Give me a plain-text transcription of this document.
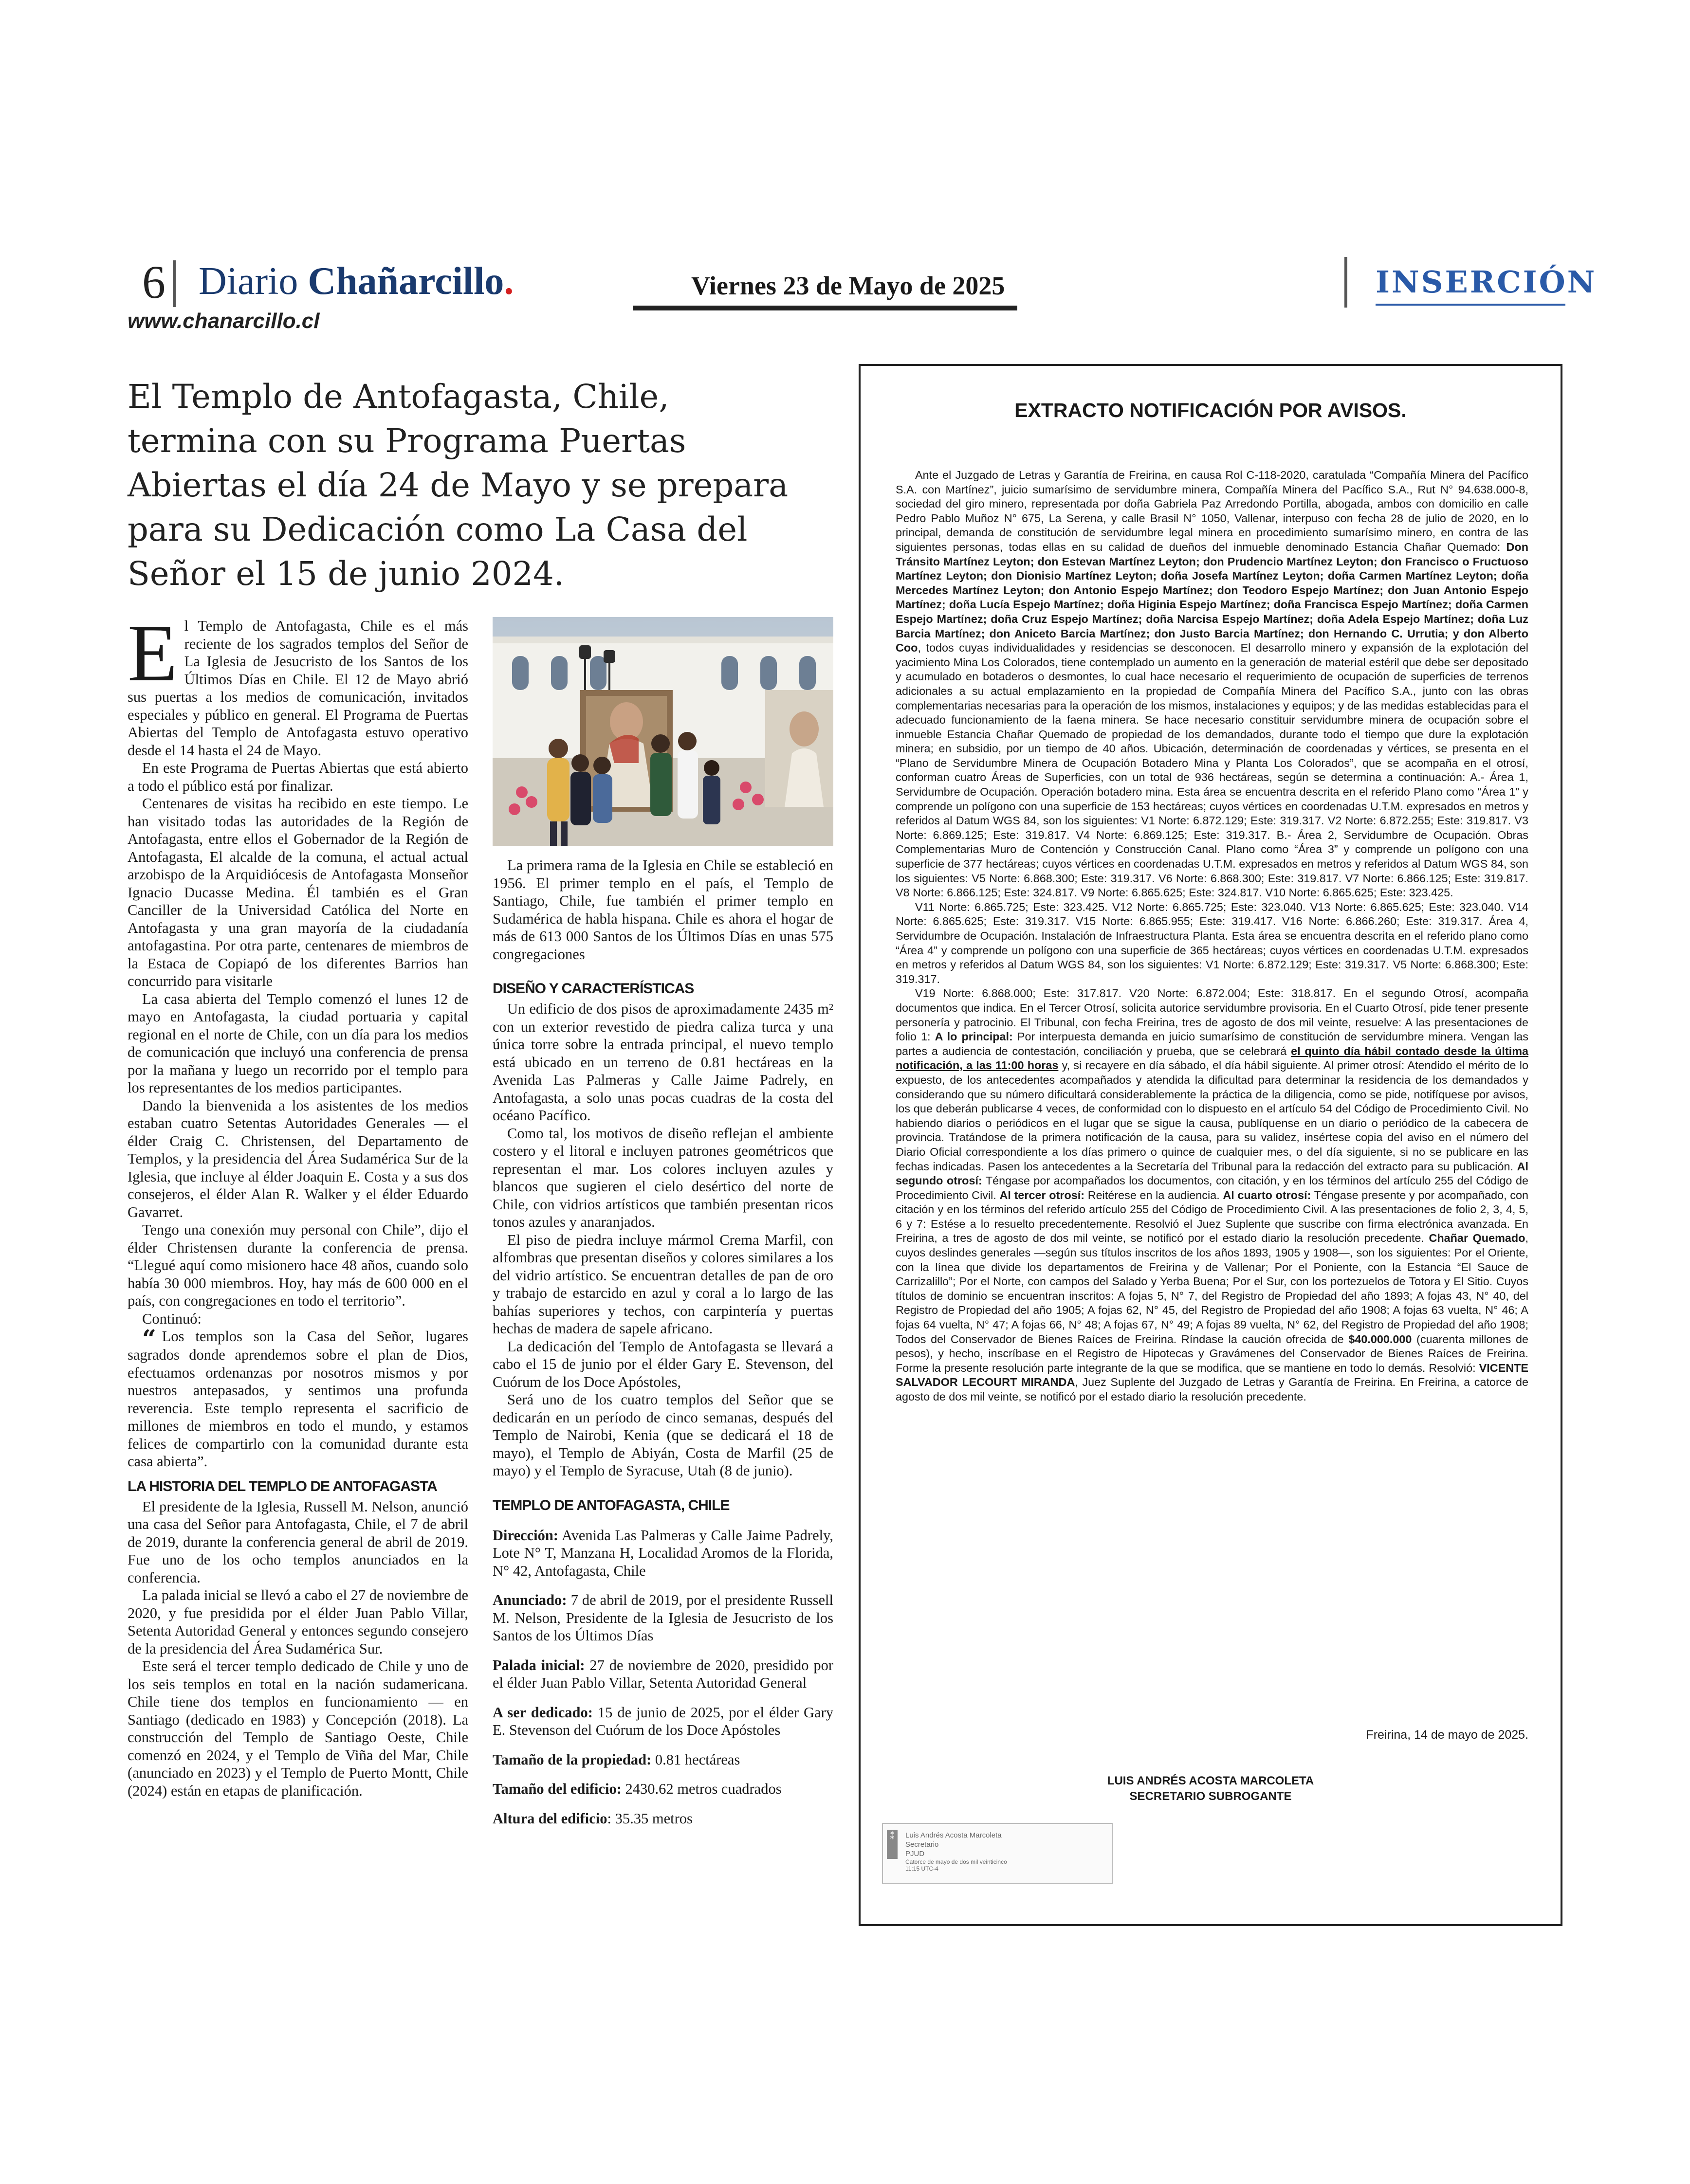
6 Diario Chañarcillo.	Viernes 23 de Mayo de 2025	INSERCIÓN
www.chanarcillo.cl
El Templo de Antofagasta, Chile,
termina con su Programa Puertas
Abiertas el día 24 de Mayo y se prepara
para su Dedicación como La Casa del
Señor el 15 de junio 2024.

El Templo de Antofagasta, Chile es el más reciente de los sagrados templos del Señor de La Iglesia de Jesucristo de los Santos de los Últimos Días en Chile. El 12 de Mayo abrió sus puertas a los medios de comunicación, invitados especiales y público en general. El Programa de Puertas Abiertas del Templo de Antofagasta estuvo operativo desde el 14 hasta el 24 de Mayo.

En este Programa de Puertas Abiertas que está abierto a todo el público está por finalizar.

Centenares de visitas ha recibido en este tiempo. Le han visitado todas las autoridades de la Región de Antofagasta, entre ellos el Gobernador de la Región de Antofagasta, El alcalde de la comuna, el actual actual arzobispo de la Arquidiócesis de Antofagasta Monseñor Ignacio Ducasse Medina. Él también es el Gran Canciller de la Universidad Católica del Norte en Antofagasta y una gran mayoría de la ciudadanía antofagastina. Por otra parte, centenares de miembros de la Estaca de Copiapó de los diferentes Barrios han concurrido para visitarle

La casa abierta del Templo comenzó el lunes 12 de mayo en Antofagasta, la ciudad portuaria y capital regional en el norte de Chile, con un día para los medios de comunicación que incluyó una conferencia de prensa por la mañana y luego un recorrido por el templo para los representantes de los medios participantes.

Dando la bienvenida a los asistentes de los medios estaban cuatro Setentas Autoridades Generales — el élder Craig C. Christensen, del Departamento de Templos, y la presidencia del Área Sudamérica Sur de la Iglesia, que incluye al élder Joaquin E. Costa y a sus dos consejeros, el élder Alan R. Walker y el élder Eduardo Gavarret.

Tengo una conexión muy personal con Chile”, dijo el élder Christensen durante la conferencia de prensa. “Llegué aquí como misionero hace 48 años, cuando solo había 30 000 miembros. Hoy, hay más de 600 000 en el país, con congregaciones en todo el territorio”.

Continuó:

“ Los templos son la Casa del Señor, lugares sagrados donde aprendemos sobre el plan de Dios, efectuamos ordenanzas por nosotros mismos y por nuestros antepasados, y sentimos una profunda reverencia. Este templo representa el sacrificio de millones de miembros en todo el mundo, y estamos felices de compartirlo con la comunidad durante esta casa abierta”.

LA HISTORIA DEL TEMPLO DE ANTOFAGASTA

El presidente de la Iglesia, Russell M. Nelson, anunció una casa del Señor para Antofagasta, Chile, el 7 de abril de 2019, durante la conferencia general de abril de 2019. Fue uno de los ocho templos anunciados en la conferencia.

La palada inicial se llevó a cabo el 27 de noviembre de 2020, y fue presidida por el élder Juan Pablo Villar, Setenta Autoridad General y entonces segundo consejero de la presidencia del Área Sudamérica Sur.

Este será el tercer templo dedicado de Chile y uno de los seis templos en total en la nación sudamericana. Chile tiene dos templos en funcionamiento — en Santiago (dedicado en 1983) y Concepción (2018). La construcción del Templo de Santiago Oeste, Chile comenzó en 2024, y el Templo de Viña del Mar, Chile (anunciado en 2023) y el Templo de Puerto Montt, Chile (2024) están en etapas de planificación.

La primera rama de la Iglesia en Chile se estableció en 1956. El primer templo en el país, el Templo de Santiago, Chile, fue también el primer templo en Sudamérica de habla hispana. Chile es ahora el hogar de más de 613 000 Santos de los Últimos Días en unas 575 congregaciones

DISEÑO Y CARACTERÍSTICAS

Un edificio de dos pisos de aproximadamente 2435 m² con un exterior revestido de piedra caliza turca y una única torre sobre la entrada principal, el nuevo templo está ubicado en un terreno de 0.81 hectáreas en la Avenida Las Palmeras y Calle Jaime Padrely, en Antofagasta, a solo unas pocas cuadras de la costa del océano Pacífico.

Como tal, los motivos de diseño reflejan el ambiente costero y el litoral e incluyen patrones geométricos que representan el mar. Los colores incluyen azules y blancos que sugieren el cielo desértico del norte de Chile, con vidrios artísticos que también presentan ricos tonos azules y anaranjados.

El piso de piedra incluye mármol Crema Marfil, con alfombras que presentan diseños y colores similares a los del vidrio artístico. Se encuentran detalles de pan de oro y trabajo de estarcido en azul y coral a lo largo de las bahías superiores y techos, con carpintería y puertas hechas de madera de sapele africano.

La dedicación del Templo de Antofagasta se llevará a cabo el 15 de junio por el élder Gary E. Stevenson, del Cuórum de los Doce Apóstoles,

Será uno de los cuatro templos del Señor que se dedicarán en un período de cinco semanas, después del Templo de Nairobi, Kenia (que se dedicará el 18 de mayo), el Templo de Abiyán, Costa de Marfil (25 de mayo) y el Templo de Syracuse, Utah (8 de junio).

TEMPLO DE ANTOFAGASTA, CHILE

Dirección: Avenida Las Palmeras y Calle Jaime Padrely, Lote N° T, Manzana H, Localidad Aromos de la Florida, N° 42, Antofagasta, Chile

Anunciado: 7 de abril de 2019, por el presidente Russell M. Nelson, Presidente de la Iglesia de Jesucristo de los Santos de los Últimos Días

Palada inicial: 27 de noviembre de 2020, presidido por el élder Juan Pablo Villar, Setenta Autoridad General

A ser dedicado: 15 de junio de 2025, por el élder Gary E. Stevenson del Cuórum de los Doce Apóstoles

Tamaño de la propiedad: 0.81 hectáreas

Tamaño del edificio: 2430.62 metros cuadrados

Altura del edificio: 35.35 metros

EXTRACTO NOTIFICACIÓN POR AVISOS.

Ante el Juzgado de Letras y Garantía de Freirina, en causa Rol C-118-2020, caratulada “Compañía Minera del Pacífico S.A. con Martínez”, juicio sumarísimo de servidumbre minera, Compañía Minera del Pacífico S.A., Rut N° 94.638.000-8, sociedad del giro minero, representada por doña Gabriela Paz Arredondo Portilla, abogada, ambos con domicilio en calle Pedro Pablo Muñoz N° 675, La Serena, y calle Brasil N° 1050, Vallenar, interpuso con fecha 28 de julio de 2020, en lo principal, demanda de constitución de servidumbre legal minera en procedimiento sumarísimo minero, en contra de las siguientes personas, todas ellas en su calidad de dueños del inmueble denominado Estancia Chañar Quemado: Don Tránsito Martínez Leyton; don Estevan Martínez Leyton; don Prudencio Martínez Leyton; don Francisco o Fructuoso Martínez Leyton; don Dionisio Martínez Leyton; doña Josefa Martínez Leyton; doña Carmen Martínez Leyton; doña Mercedes Martínez Leyton; don Antonio Espejo Martínez; don Teodoro Espejo Martínez; don Juan Antonio Espejo Martínez; doña Lucía Espejo Martínez; doña Higinia Espejo Martínez; doña Francisca Espejo Martínez; doña Carmen Espejo Martínez; doña Cruz Espejo Martínez; doña Narcisa Espejo Martínez; doña Adela Espejo Martínez; doña Luz Barcia Martínez; don Aniceto Barcia Martínez; don Justo Barcia Martínez; don Hernando C. Urrutia; y don Alberto Coo, todos cuyas individualidades y residencias se desconocen. El desarrollo minero y expansión de la explotación del yacimiento Mina Los Colorados, tiene contemplado un aumento en la generación de material estéril que debe ser depositado y acumulado en botaderos o desmontes, lo cual hace necesario el requerimiento de ocupación de superficies de terrenos adicionales a su actual emplazamiento en la propiedad de Compañía Minera del Pacífico S.A., junto con las obras complementarias necesarias para la operación de los mismos, instalaciones y equipos; y de las medidas establecidas para el adecuado funcionamiento de la faena minera. Se hace necesario constituir servidumbre minera de ocupación sobre el inmueble Estancia Chañar Quemado de propiedad de los demandados, durante todo el tiempo que dure la explotación minera; en subsidio, por un tiempo de 40 años. Ubicación, determinación de coordenadas y vértices, se presenta en el “Plano de Servidumbre Minera de Ocupación Botadero Mina y Planta Los Colorados”, que se acompaña en el otrosí, conforman cuatro Áreas de Superficies, con un total de 936 hectáreas, según se determina a continuación: A.- Área 1, Servidumbre de Ocupación. Operación botadero mina. Esta área se encuentra descrita en el referido Plano como “Área 1” y comprende un polígono con una superficie de 153 hectáreas; cuyos vértices en coordenadas U.T.M. expresados en metros y referidos al Datum WGS 84, son los siguientes: V1 Norte: 6.872.129; Este: 319.317. V2 Norte: 6.872.255; Este: 319.817. V3 Norte: 6.869.125; Este: 319.817. V4 Norte: 6.869.125; Este: 319.317. B.- Área 2, Servidumbre de Ocupación. Obras Complementarias Muro de Contención y Construcción Canal. Plano como “Área 3” y comprende un polígono con una superficie de 377 hectáreas; cuyos vértices en coordenadas U.T.M. expresados en metros y referidos al Datum WGS 84, son los siguientes: V5 Norte: 6.868.300; Este: 319.317. V6 Norte: 6.868.300; Este: 319.817. V7 Norte: 6.866.125; Este: 319.817. V8 Norte: 6.866.125; Este: 324.817. V9 Norte: 6.865.625; Este: 324.817. V10 Norte: 6.865.625; Este: 323.425.

V11 Norte: 6.865.725; Este: 323.425. V12 Norte: 6.865.725; Este: 323.040. V13 Norte: 6.865.625; Este: 323.040. V14 Norte: 6.865.625; Este: 319.317. V15 Norte: 6.865.955; Este: 319.417. V16 Norte: 6.866.260; Este: 319.317. Área 4, Servidumbre de Ocupación. Instalación de Infraestructura Planta. Esta área se encuentra descrita en el referido plano como “Área 4” y comprende un polígono con una superficie de 365 hectáreas; cuyos vértices en coordenadas U.T.M. expresados en metros y referidos al Datum WGS 84, son los siguientes: V1 Norte: 6.872.129; Este: 319.317. V5 Norte: 6.868.300; Este: 319.317.

V19 Norte: 6.868.000; Este: 317.817. V20 Norte: 6.872.004; Este: 318.817. En el segundo Otrosí, acompaña documentos que indica. En el Tercer Otrosí, solicita autorice servidumbre provisoria. En el Cuarto Otrosí, pide tener presente personería y patrocinio. El Tribunal, con fecha Freirina, tres de agosto de dos mil veinte, resuelve: A las presentaciones de folio 1: A lo principal: Por interpuesta demanda en juicio sumarísimo de constitución de servidumbre minera. Vengan las partes a audiencia de contestación, conciliación y prueba, que se celebrará el quinto día hábil contado desde la última notificación, a las 11:00 horas y, si recayere en día sábado, el día hábil siguiente. Al primer otrosí: Atendido el mérito de lo expuesto, de los antecedentes acompañados y atendida la dificultad para determinar la residencia de los demandados y considerando que su número dificultará considerablemente la práctica de la diligencia, como se pide, notifíquese por avisos, los que deberán publicarse 4 veces, de conformidad con lo dispuesto en el artículo 54 del Código de Procedimiento Civil. No habiendo diarios o periódicos en el lugar que se sigue la causa, publíquense en un diario o periódico de la cabecera de provincia. Tratándose de la primera notificación de la causa, para su validez, insértese copia del aviso en el número del Diario Oficial correspondiente a los días primero o quince de cualquier mes, o del día siguiente, si no se publicare en las fechas indicadas. Pasen los antecedentes a la Secretaría del Tribunal para la redacción del extracto para su publicación. Al segundo otrosí: Téngase por acompañados los documentos, con citación, y en los términos del artículo 255 del Código de Procedimiento Civil. Al tercer otrosí: Reitérese en la audiencia. Al cuarto otrosí: Téngase presente y por acompañado, con citación y en los términos del referido artículo 255 del Código de Procedimiento Civil. A las presentaciones de folio 2, 3, 4, 5, 6 y 7: Estése a lo resuelto precedentemente. Resolvió el Juez Suplente que suscribe con firma electrónica avanzada. En Freirina, a tres de agosto de dos mil veinte, se notificó por el estado diario la resolución precedente. Chañar Quemado, cuyos deslindes generales —según sus títulos inscritos de los años 1893, 1905 y 1908—, son los siguientes: Por el Oriente, con la línea que divide los departamentos de Freirina y de Vallenar; Por el Poniente, con la Estancia “El Sauce de Carrizalillo”; Por el Norte, con campos del Salado y Yerba Buena; Por el Sur, con los portezuelos de Totora y El Sitio. Cuyos títulos de dominio se encuentran inscritos: A fojas 5, N° 7, del Registro de Propiedad del año 1893; A fojas 43, N° 40, del Registro de Propiedad del año 1905; A fojas 62, N° 45, del Registro de Propiedad del año 1908; A fojas 63 vuelta, N° 46; A fojas 64 vuelta, N° 47; A fojas 66, N° 48; A fojas 67, N° 49; A fojas 89 vuelta, N° 62, del Registro de Propiedad del año 1908; Todos del Conservador de Bienes Raíces de Freirina. Ríndase la caución ofrecida de $40.000.000 (cuarenta millones de pesos), y hecho, inscríbase en el Registro de Hipotecas y Gravámenes del Conservador de Bienes Raíces de Freirina. Forme la presente resolución parte integrante de la que se modifica, que se mantiene en todo lo demás. Resolvió: VICENTE SALVADOR LECOURT MIRANDA, Juez Suplente del Juzgado de Letras y Garantía de Freirina. En Freirina, a catorce de agosto de dos mil veinte, se notificó por el estado diario la resolución precedente.

Freirina, 14 de mayo de 2025.
LUIS ANDRÉS ACOSTA MARCOLETA
SECRETARIO SUBROGANTE
⁑	Luis Andrés Acosta Marcoleta
Secretario
PJUD
Catorce de mayo de dos mil veinticinco
11:15 UTC-4
